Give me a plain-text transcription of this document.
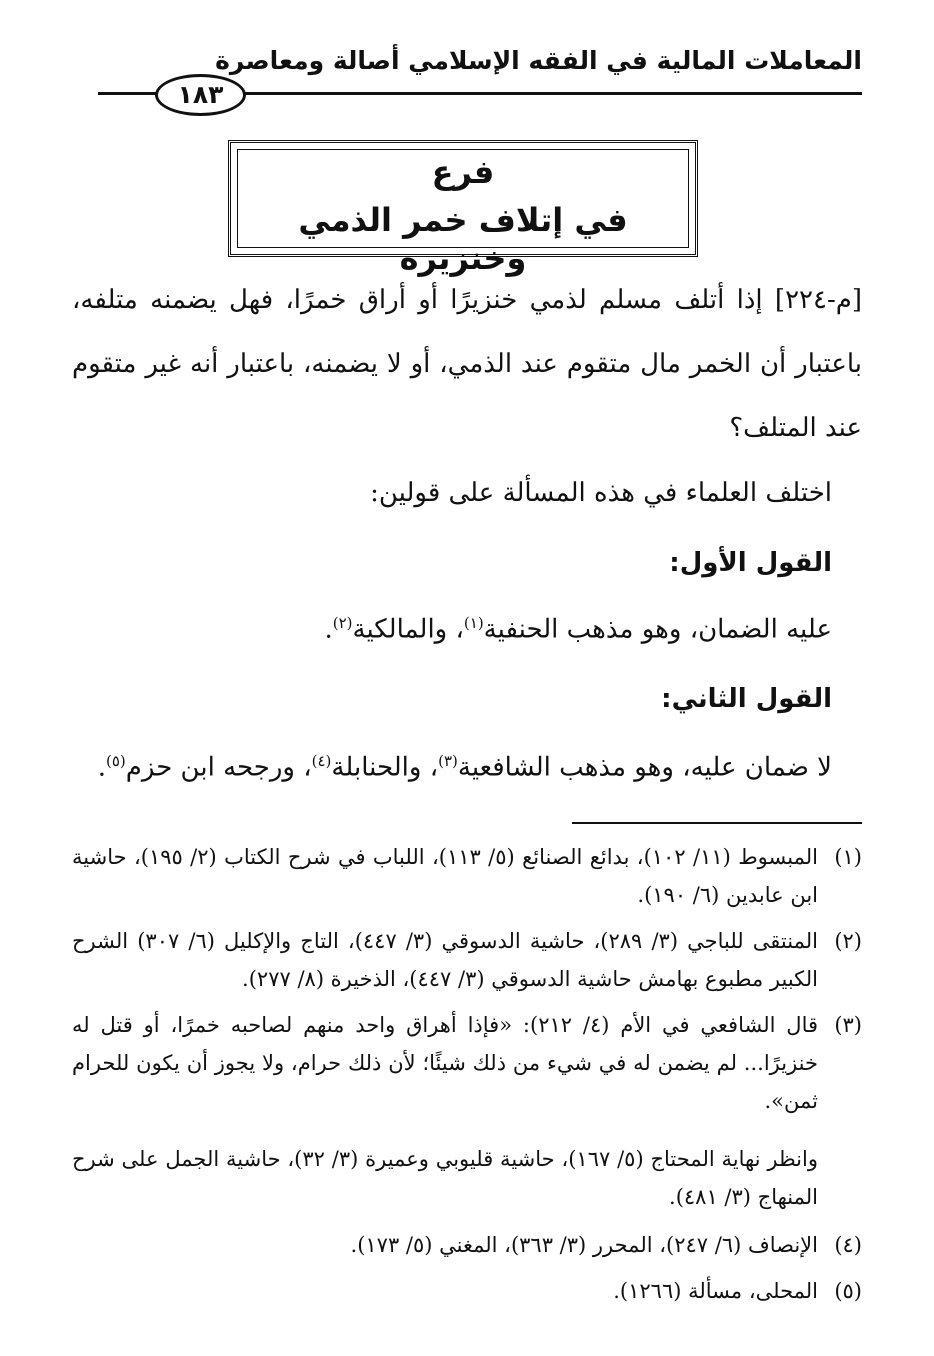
المعاملات المالية في الفقه الإسلامي أصالة ومعاصرة
١٨٣
فرع
في إتلاف خمر الذمي وخنزيره
[م-٢٢٤] إذا أتلف مسلم لذمي خنزيرًا أو أراق خمرًا، فهل يضمنه متلفه، باعتبار أن الخمر مال متقوم عند الذمي، أو لا يضمنه، باعتبار أنه غير متقوم عند المتلف؟
اختلف العلماء في هذه المسألة على قولين:
القول الأول:
عليه الضمان، وهو مذهب الحنفية$^{(١)}$، والمالكية$^{(٢)}$.
القول الثاني:
لا ضمان عليه، وهو مذهب الشافعية$^{(٣)}$، والحنابلة$^{(٤)}$، ورجحه ابن حزم$^{(٥)}$.
(١)
المبسوط (١١/ ١٠٢)، بدائع الصنائع (٥/ ١١٣)، اللباب في شرح الكتاب (٢/ ١٩٥)، حاشية ابن عابدين (٦/ ١٩٠).
(٢)
المنتقى للباجي (٣/ ٢٨٩)، حاشية الدسوقي (٣/ ٤٤٧)، التاج والإكليل (٦/ ٣٠٧) الشرح الكبير مطبوع بهامش حاشية الدسوقي (٣/ ٤٤٧)، الذخيرة (٨/ ٢٧٧).
(٣)
قال الشافعي في الأم (٤/ ٢١٢): «فإذا أهراق واحد منهم لصاحبه خمرًا، أو قتل له خنزيرًا... لم يضمن له في شيء من ذلك شيئًا؛ لأن ذلك حرام، ولا يجوز أن يكون للحرام ثمن».
وانظر نهاية المحتاج (٥/ ١٦٧)، حاشية قليوبي وعميرة (٣/ ٣٢)، حاشية الجمل على شرح المنهاج (٣/ ٤٨١).
(٤)
الإنصاف (٦/ ٢٤٧)، المحرر (٣/ ٣٦٣)، المغني (٥/ ١٧٣).
(٥)
المحلى، مسألة (١٢٦٦).
